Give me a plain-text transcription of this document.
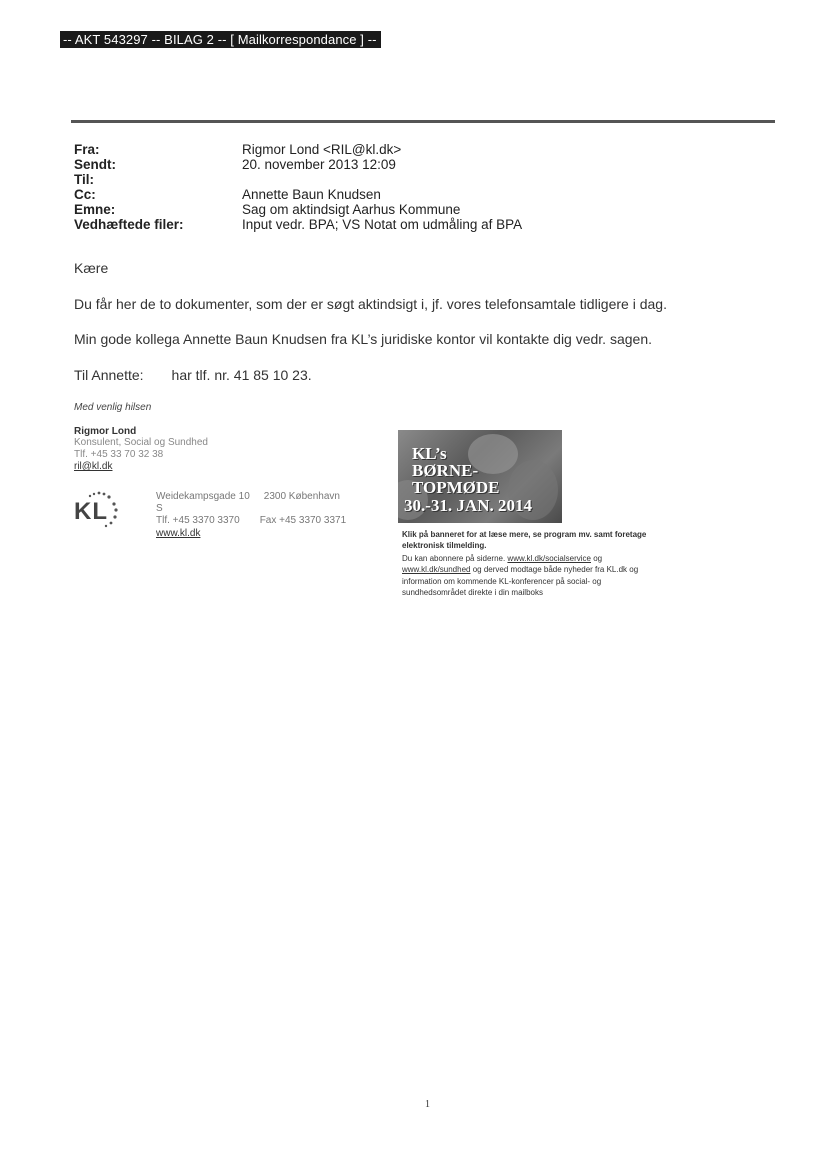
-- AKT 543297 -- BILAG 2 -- [ Mailkorrespondance ] --
Fra:	Rigmor Lond <RIL@kl.dk>
Sendt:	20. november 2013 12:09
Til:
Cc:	Annette Baun Knudsen
Emne:	Sag om aktindsigt Aarhus Kommune
Vedhæftede filer:	Input vedr. BPA; VS Notat om udmåling af BPA
Kære
Du får her de to dokumenter, som der er søgt aktindsigt i, jf. vores telefonsamtale tidligere i dag.
Min gode kollega Annette Baun Knudsen fra KL’s juridiske kontor vil kontakte dig vedr. sagen.
Til Annette: har tlf. nr. 41 85 10 23.
Med venlig hilsen
Rigmor Lond
Konsulent, Social og Sundhed
Tlf. +45 33 70 32 38
ril@kl.dk
KL
Weidekampsgade 10 2300 København
S
Tlf. +45 3370 3370 Fax +45 3370 3371
www.kl.dk
KL’s
BØRNE-
TOPMØDE
30.-31. JAN. 2014
Klik på banneret for at læse mere, se program mv. samt foretage
elektronisk tilmelding.
Du kan abonnere på siderne. www.kl.dk/socialservice og
www.kl.dk/sundhed og derved modtage både nyheder fra KL.dk og
information om kommende KL-konferencer på social- og
sundhedsområdet direkte i din mailboks
1
